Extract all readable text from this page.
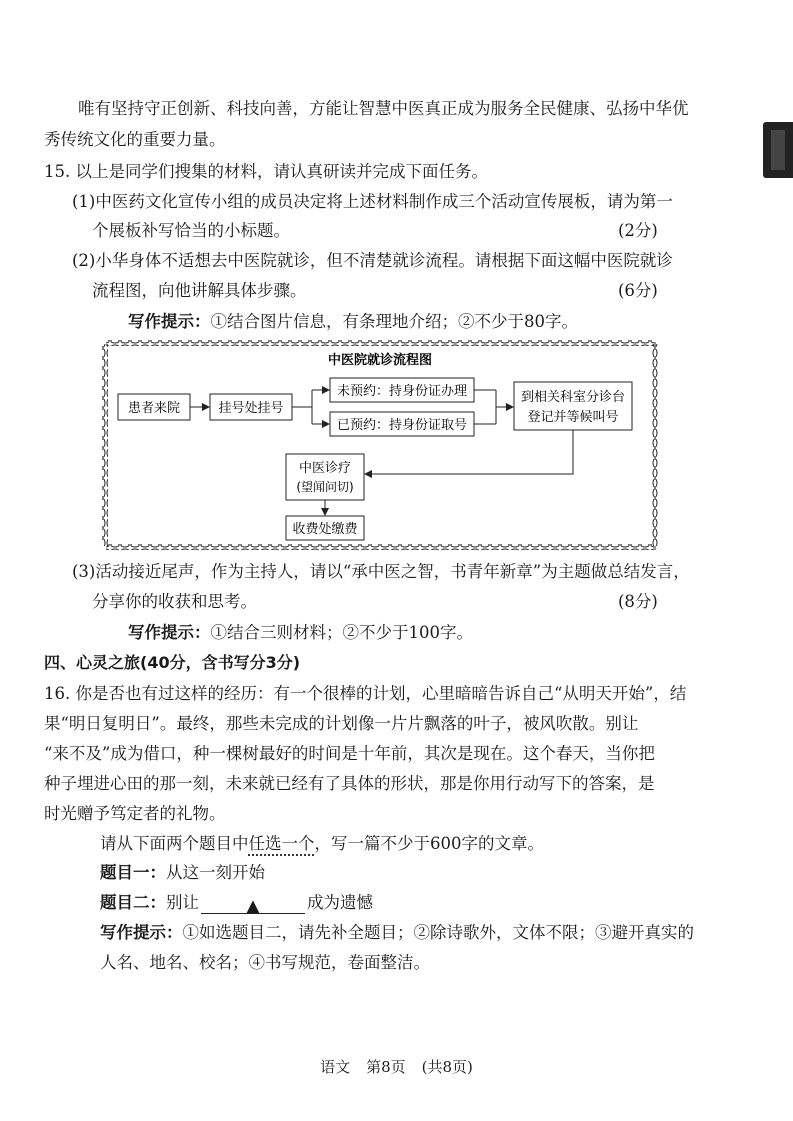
唯有坚持守正创新、科技向善，方能让智慧中医真正成为服务全民健康、弘扬中华优
秀传统文化的重要力量。
15. 以上是同学们搜集的材料，请认真研读并完成下面任务。
(1)中医药文化宣传小组的成员决定将上述材料制作成三个活动宣传展板，请为第一
个展板补写恰当的小标题。	(2分)
(2)小华身体不适想去中医院就诊，但不清楚就诊流程。请根据下面这幅中医院就诊
流程图，向他讲解具体步骤。	(6分)
写作提示：①结合图片信息，有条理地介绍；②不少于80字。
中医院就诊流程图
患者来院	挂号处挂号
未预约：持身份证办理
已预约：持身份证取号
到相关科室分诊台
登记并等候叫号
中医诊疗
(望闻问切)
收费处缴费
(3)活动接近尾声，作为主持人，请以“承中医之智，书青年新章”为主题做总结发言，
分享你的收获和思考。	(8分)
写作提示：①结合三则材料；②不少于100字。
四、心灵之旅(40分，含书写分3分)
16. 你是否也有过这样的经历：有一个很棒的计划，心里暗暗告诉自己“从明天开始”，结
果“明日复明日”。最终，那些未完成的计划像一片片飘落的叶子，被风吹散。别让
“来不及”成为借口，种一棵树最好的时间是十年前，其次是现在。这个春天，当你把
种子埋进心田的那一刻，未来就已经有了具体的形状，那是你用行动写下的答案，是
时光赠予笃定者的礼物。
请从下面两个题目中任选一个，写一篇不少于600字的文章。
题目一：从这一刻开始
题目二：别让	▲	成为遗憾
写作提示：①如选题目二，请先补全题目；②除诗歌外，文体不限；③避开真实的
人名、地名、校名；④书写规范，卷面整洁。
语文 第8页 (共8页)
